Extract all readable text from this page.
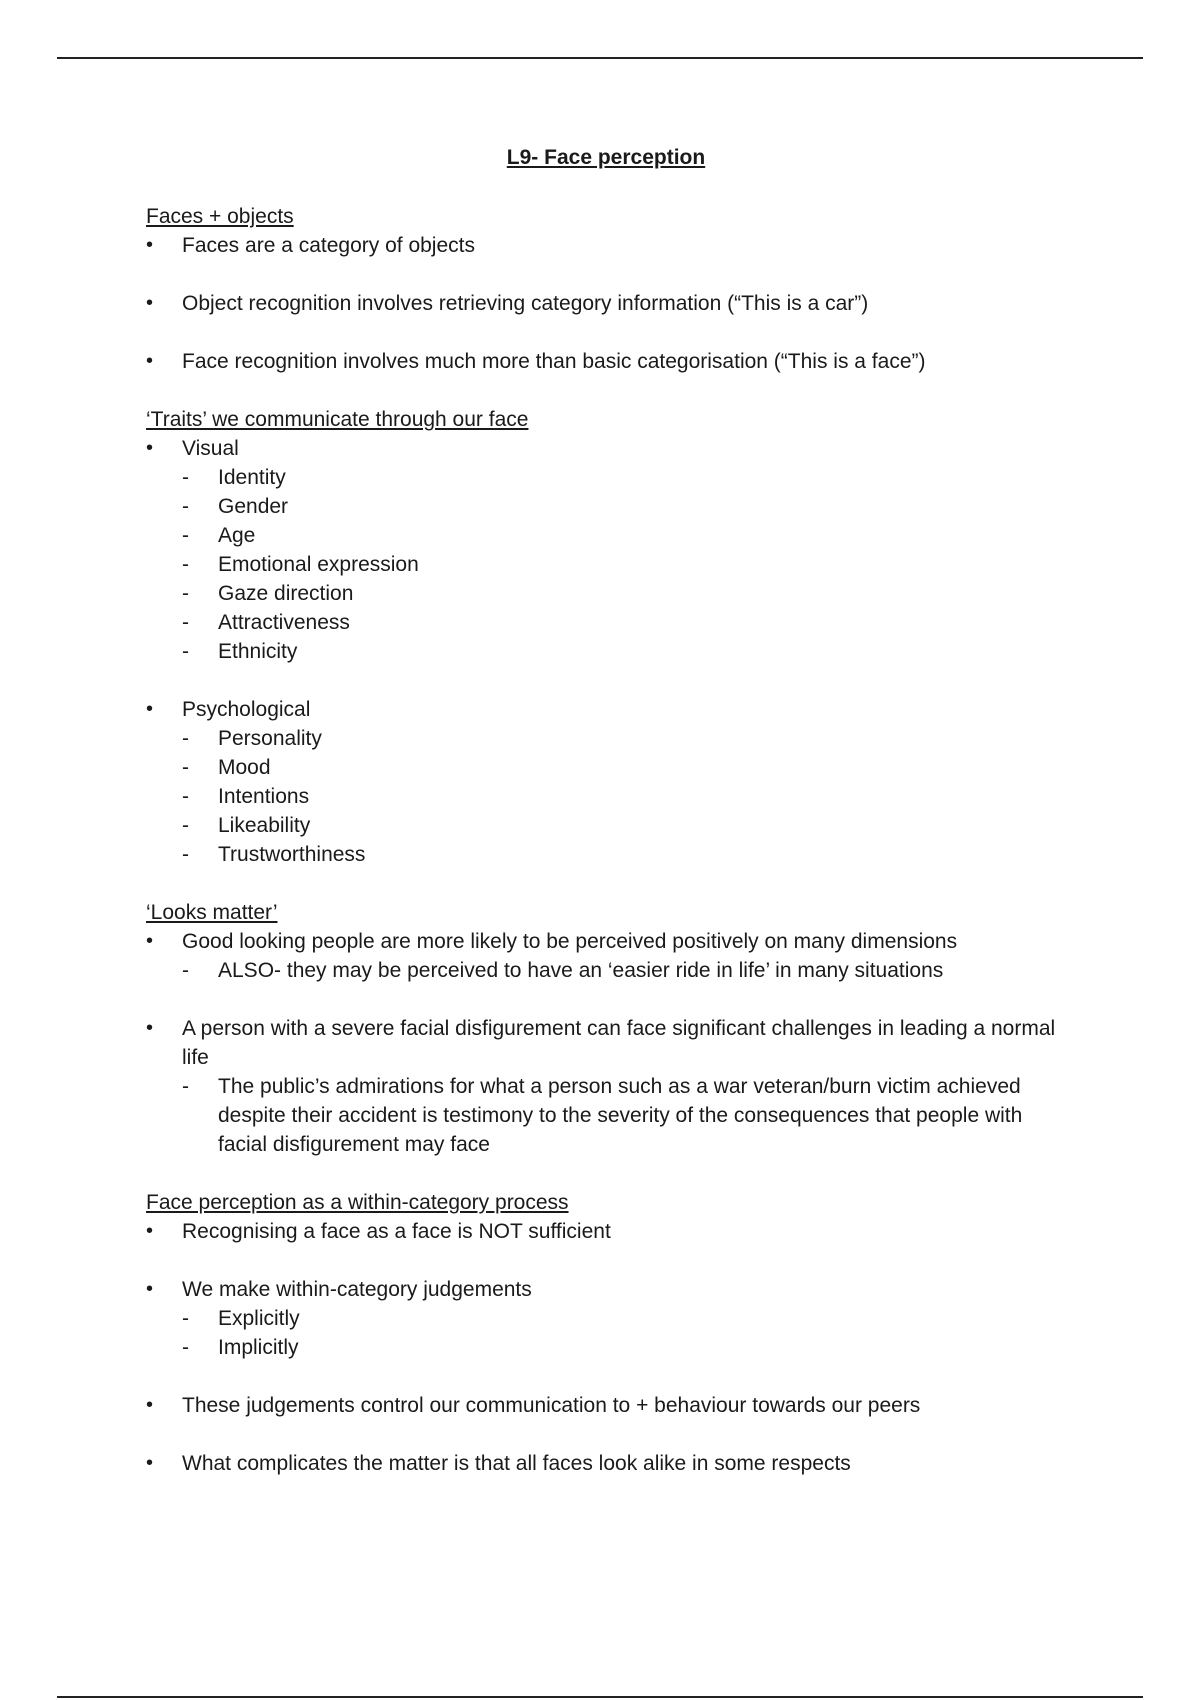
L9- Face perception
Faces + objects
• Faces are a category of objects
• Object recognition involves retrieving category information (“This is a car”)
• Face recognition involves much more than basic categorisation (“This is a face”)
‘Traits’ we communicate through our face
• Visual
- Identity
- Gender
- Age
- Emotional expression
- Gaze direction
- Attractiveness
- Ethnicity
• Psychological
- Personality
- Mood
- Intentions
- Likeability
- Trustworthiness
‘Looks matter’
• Good looking people are more likely to be perceived positively on many dimensions
- ALSO- they may be perceived to have an ‘easier ride in life’ in many situations
• A person with a severe facial disfigurement can face significant challenges in leading a normal life
- The public’s admirations for what a person such as a war veteran/burn victim achieved despite their accident is testimony to the severity of the consequences that people with facial disfigurement may face
Face perception as a within-category process
• Recognising a face as a face is NOT sufficient
• We make within-category judgements
- Explicitly
- Implicitly
• These judgements control our communication to + behaviour towards our peers
• What complicates the matter is that all faces look alike in some respects
